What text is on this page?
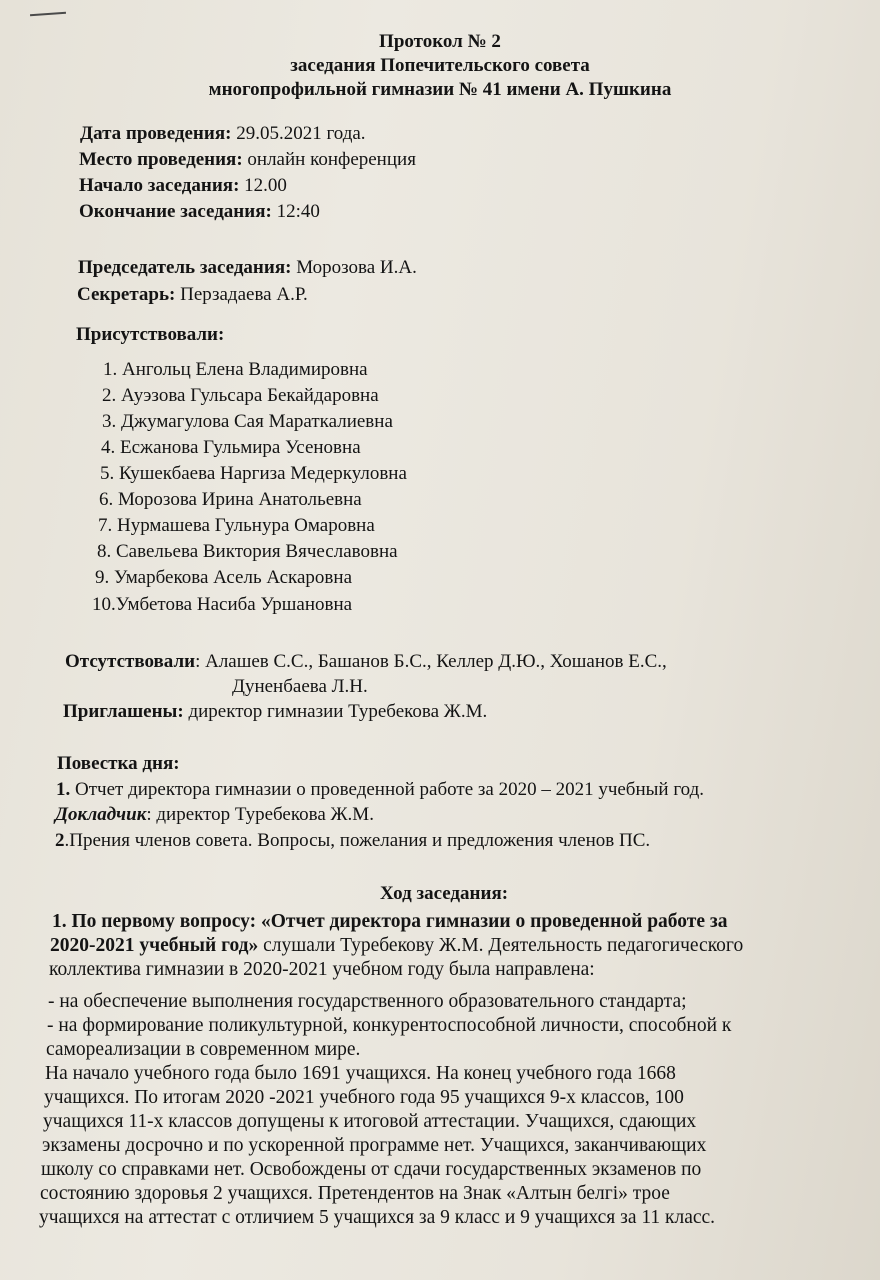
Протокол № 2
заседания Попечительского совета
многопрофильной гимназии № 41 имени А. Пушкина
Дата проведения: 29.05.2021 года.
Место проведения: онлайн конференция
Начало заседания: 12.00
Окончание заседания: 12:40
Председатель заседания: Морозова И.А.
Секретарь: Перзадаева А.Р.
Присутствовали:
1. Ангольц Елена Владимировна
2. Ауэзова Гульсара Бекайдаровна
3. Джумагулова Сая Мараткалиевна
4. Есжанова Гульмира Усеновна
5. Кушекбаева Наргиза Медеркуловна
6. Морозова Ирина Анатольевна
7. Нурмашева Гульнура Омаровна
8. Савельева Виктория Вячеславовна
9. Умарбекова Асель Аскаровна
10.Умбетова Насиба Уршановна
Отсутствовали: Алашев С.С., Башанов Б.С., Келлер Д.Ю., Хошанов Е.С.,
Дуненбаева Л.Н.
Приглашены: директор гимназии Туребекова Ж.М.
Повестка дня:
1. Отчет директора гимназии о проведенной работе за 2020 – 2021 учебный год.
Докладчик: директор Туребекова Ж.М.
2.Прения членов совета. Вопросы, пожелания и предложения членов ПС.
Ход заседания:
1. По первому вопросу: «Отчет директора гимназии о проведенной работе за
2020-2021 учебный год» слушали Туребекову Ж.М. Деятельность педагогического
коллектива гимназии в 2020-2021 учебном году была направлена:
- на обеспечение выполнения государственного образовательного стандарта;
- на формирование поликультурной, конкурентоспособной личности, способной к
самореализации в современном мире.
На начало учебного года было 1691 учащихся. На конец учебного года 1668
учащихся. По итогам 2020 -2021 учебного года 95 учащихся 9-х классов, 100
учащихся 11-х классов допущены к итоговой аттестации. Учащихся, сдающих
экзамены досрочно и по ускоренной программе нет. Учащихся, заканчивающих
школу со справками нет. Освобождены от сдачи государственных экзаменов по
состоянию здоровья 2 учащихся. Претендентов на Знак «Алтын белгі» трое
учащихся на аттестат с отличием 5 учащихся за 9 класс и 9 учащихся за 11 класс.
